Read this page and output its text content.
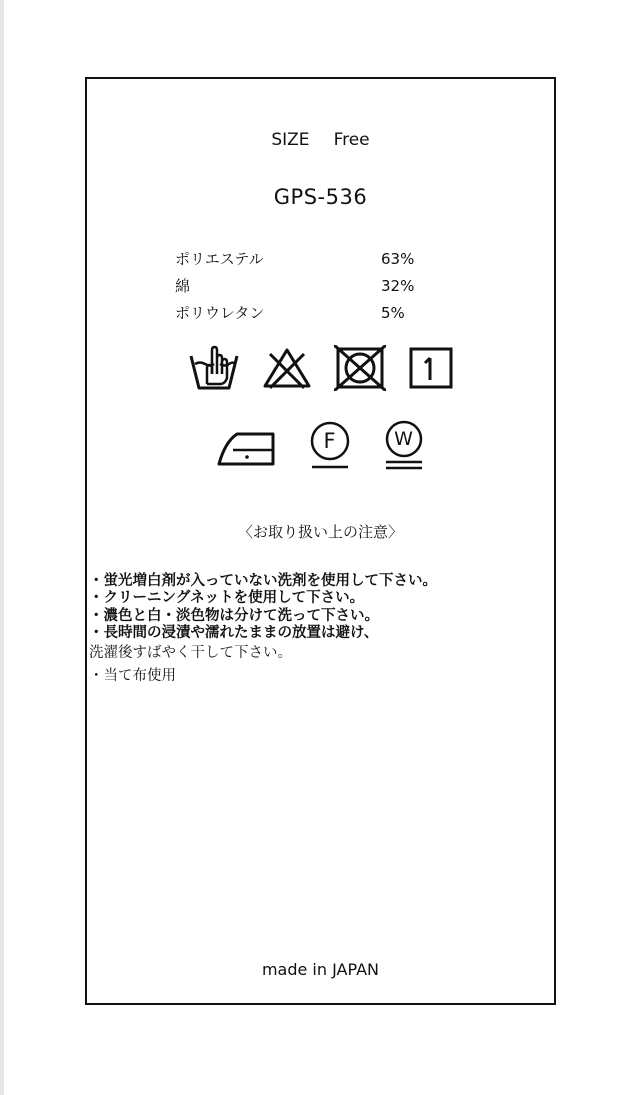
SIZE Free
GPS-536
ポリエステル	63%
綿	32%
ポリウレタン	5%
F	W
〈お取り扱い上の注意〉
・蛍光増白剤が入っていない洗剤を使用して下さい。
・クリーニングネットを使用して下さい。
・濃色と白・淡色物は分けて洗って下さい。
・長時間の浸漬や濡れたままの放置は避け、
洗濯後すばやく干して下さい。
・当て布使用
made in JAPAN
